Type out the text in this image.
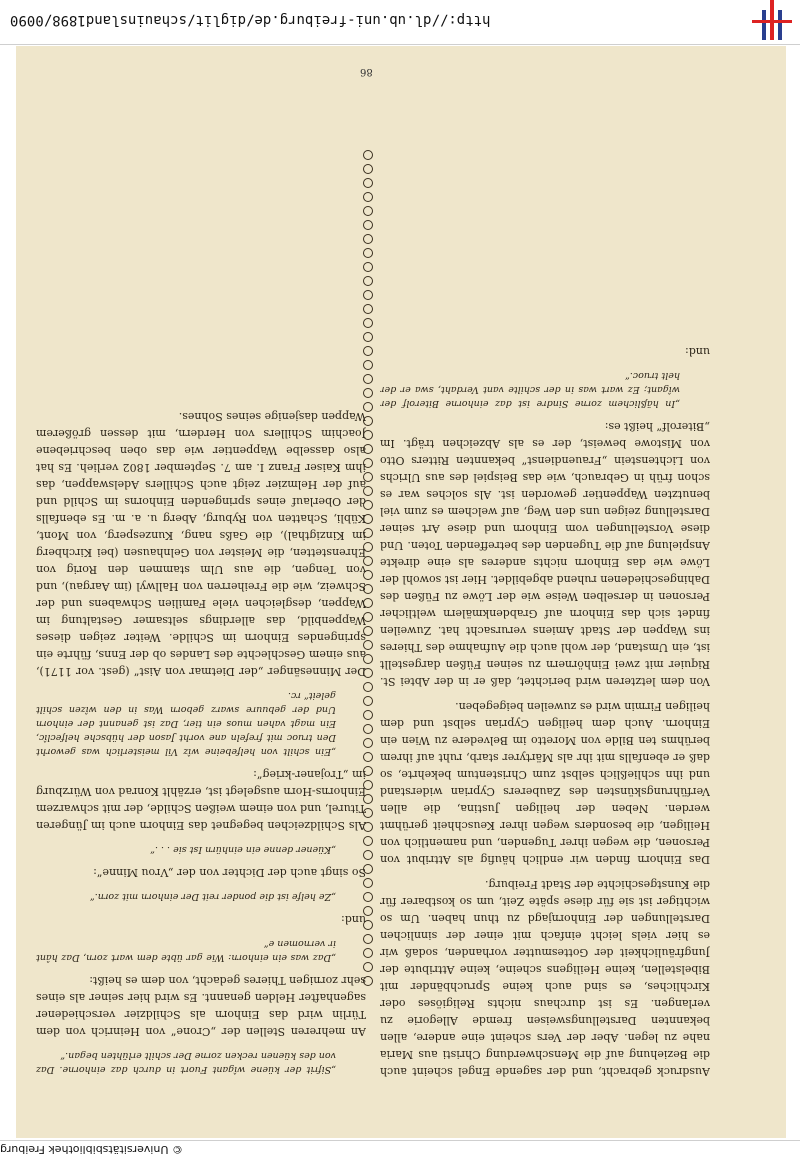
http://dl.ub.uni-freiburg.de/diglit/schauinsland1898/0090
86

Ausdruck gebracht, und der sagende Engel scheint auch die Beziehung auf die Menschwerdung Christi aus Maria nahe zu legen. Aber der Vers scheint eine andere, allen bekannten Darstellungsweisen fremde Allegorie zu verlangen. Es ist durchaus nichts Religiöses oder Kirchliches, es sind auch keine Spruchbänder mit Bibelstellen, keine Heiligens scheine, keine Attribute der Jungfräulichkeit der Gottesmutter vorhanden, sodaß wir es hier viels leicht einfach mit einer der sinnlichen Darstellungen der Einhornjagd zu thun haben. Um so wichtiger ist sie für diese späte Zeit, um so kostbarer für die Kunstgeschichte der Stadt Freiburg.

Das Einhorn finden wir endlich häufig als Attribut von Personen, die wegen ihrer Tugenden, und namentlich von Heiligen, die besonders wegen ihrer Keuschheit gerühmt werden. Neben der heiligen Justina, die allen Verführungskünsten des Zauberers Cyprian widerstand und ihn schließlich selbst zum Christentum bekehrte, so daß er ebenfalls mit ihr als Märtyrer starb, ruht auf ihrem berühms ten Bilde von Moretto im Belvedere zu Wien ein Einhorn. Auch dem heiligen Cyprian selbst und dem heiligen Firmin wird es zuweilen beigegeben.

Von dem letzteren wird berichtet, daß er in der Abtei St. Riquier mit zwei Einhörnern zu seinen Füßen dargestellt ist, ein Umstand, der wohl auch die Aufnahme des Thieres ins Wappen der Stadt Amiens verursacht hat. Zuweilen findet sich das Einhorn auf Grabdenkmälern weltlicher Personen in derselben Weise wie der Löwe zu Füßen des Dahingeschiedenen ruhend abgebildet. Hier ist sowohl der Löwe wie das Einhorn nichts anderes als eine direkte Anspielung auf die Tugenden des betreffenden Toten. Und diese Vorstellungen vom Einhorn und diese Art seiner Darstellung zeigen uns den Weg, auf welchem es zum viel benutzten Wappentier geworden ist. Als solches war es schon früh in Gebrauch, wie das Beispiel des aus Ulrichs von Lichtenstein „Frauendienst“ bekannten Ritters Otto von Mistowe beweist, der es als Abzeichen trägt. Im „Biterolf“ heißt es:

„In häßlichem zorne Sindre ist daz einhorne Biterolf der wîgant; Ez wart was in der schilte vant Verdaht, swa er der helt truoc.“

und:

„Sifrit der küene wîgant Fuort in durch daz einhorne. Daz von des küenen recken zorne Der schilt erlühten began.“

An mehreren Stellen der „Crone“ von Heinrich von dem Türlin wird das Einhorn als Schildzier verschiedener sagenhafter Helden genannt. Es wird hier seiner als eines sehr zornigen Thieres gedacht, von dem es heißt:

„Daz was ein einhorn: Wie gar übte dem wart zorn, Daz hânt ir vernomen e“

und:

„Ze helfe ist die ponder reit Der einhorn mit zorn.“

So singt auch der Dichter von der „Vrou Minne“:

„Küener denne ein einhürn Ist sie . . .“

Als Schildzeichen begegnet das Einhorn auch im Jüngeren Titurel, und von einem weißen Schilde, der mit schwarzem Einhorns-Horn ausgelegt ist, erzählt Konrad von Würzburg im „Trojaner-krieg“:

„Ein schilt von helfebeine wîz Vil meisterlich was geworht Den truoc mit frefeln ane vorht Jason der hübsche helfeclîc, Ein magt vahen muos ein tier, Daz ist genannt der einhorn Und der gebuure swarz geborn Was in den wîzen schilt geleit“ rc.

Der Minnesänger „der Dietmar von Aist“ (gest. vor 1171), aus einem Geschlechte des Landes ob der Enns, führte ein springendes Einhorn im Schilde. Weiter zeigen dieses Wappenbild, das allerdings seltsamer Gestaltung im Wappen, desgleichen viele Familien Schwabens und der Schweiz, wie die Freiherren von Hallwyl (im Aargau), und von Tengen, die aus Ulm stammen den Rorig von Ehrenstetten, die Meister von Gelnhausen (bei Kirchberg im Kinzigthal), die Gaßs nang, Kunzesperg, von Mont, Kübli, Schatten von Ryburg, Aberg u. a. m. Es ebenfalls der Oberlauf eines springenden Einhorns im Schild und auf der Helmzier zeigt auch Schillers Adelswappen, das ihm Kaiser Franz I. am 7. September 1802 verlieh. Es hat also dasselbe Wappentier wie das oben beschriebene Joachim Schillers von Herdern, mit dessen größerem Wappen dasjenige seines Sohnes.

© Universitätsbibliothek Freiburg
